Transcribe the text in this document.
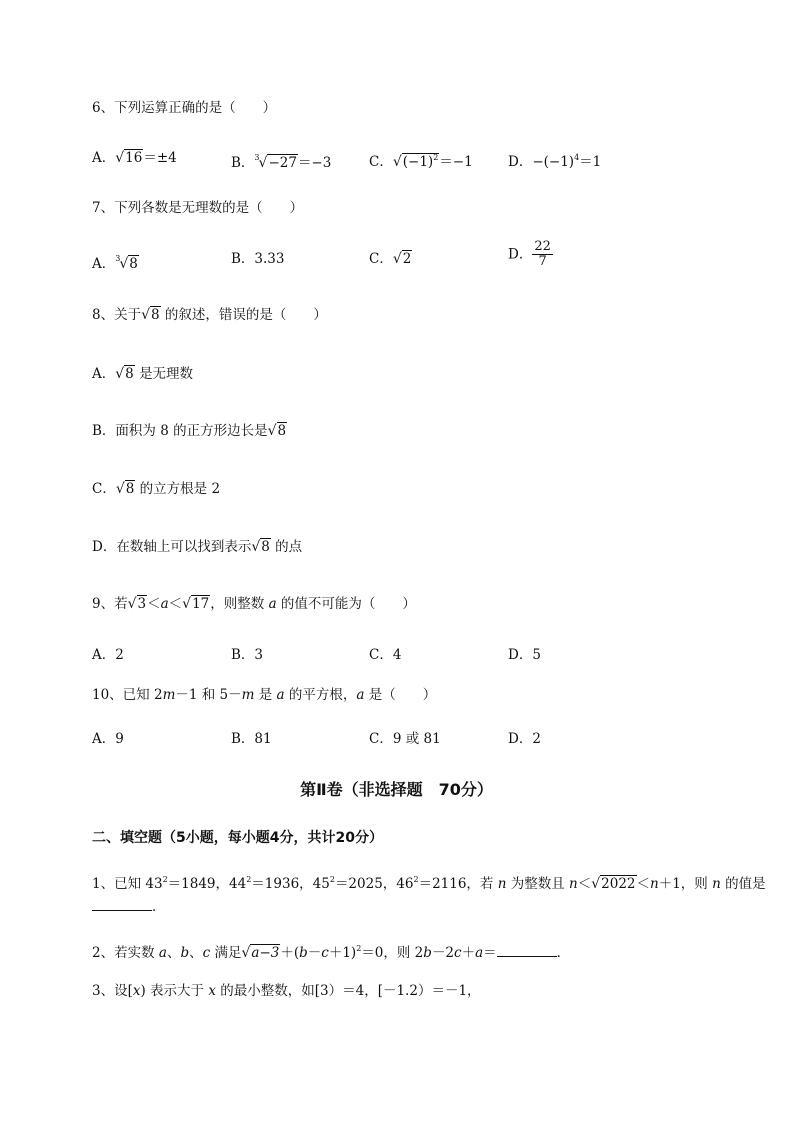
6、下列运算正确的是（　　）
A．√16＝±4	B．$^3$√−27＝−3	C．$√(-1)^2=-1$	D．$-(-1)^4=1$
7、下列各数是无理数的是（　　）
A．$^3$√8	B．3.33	C．√2	D． $\frac{22}{7}$
8、关于√8 的叙述，错误的是（　　）
A．√8 是无理数
B．面积为 8 的正方形边长是√8
C．√8 的立方根是 2
D．在数轴上可以找到表示√8 的点
9、若√3＜a＜√17，则整数 a 的值不可能为（　　）
A．2	B．3	C．4	D．5
10、已知 2m－1 和 5－m 是 a 的平方根，a 是（　　）
A．9	B．81	C．9 或 81	D．2
第Ⅱ卷（非选择题　70分）
二、填空题（5小题，每小题4分，共计20分）
1、已知 $43^2=1849$，$44^2=1936$，$45^2=2025$，$46^2=2116$，若 n 为整数且 n＜√2022＜n＋1，则 n 的值是
．
2、若实数 a、b、c 满足$√a-3+(b-c+1)^2=0$，则 2b－2c＋a＝	．
3、设[x) 表示大于 x 的最小整数，如[3）＝4，[－1.2）＝－1，
